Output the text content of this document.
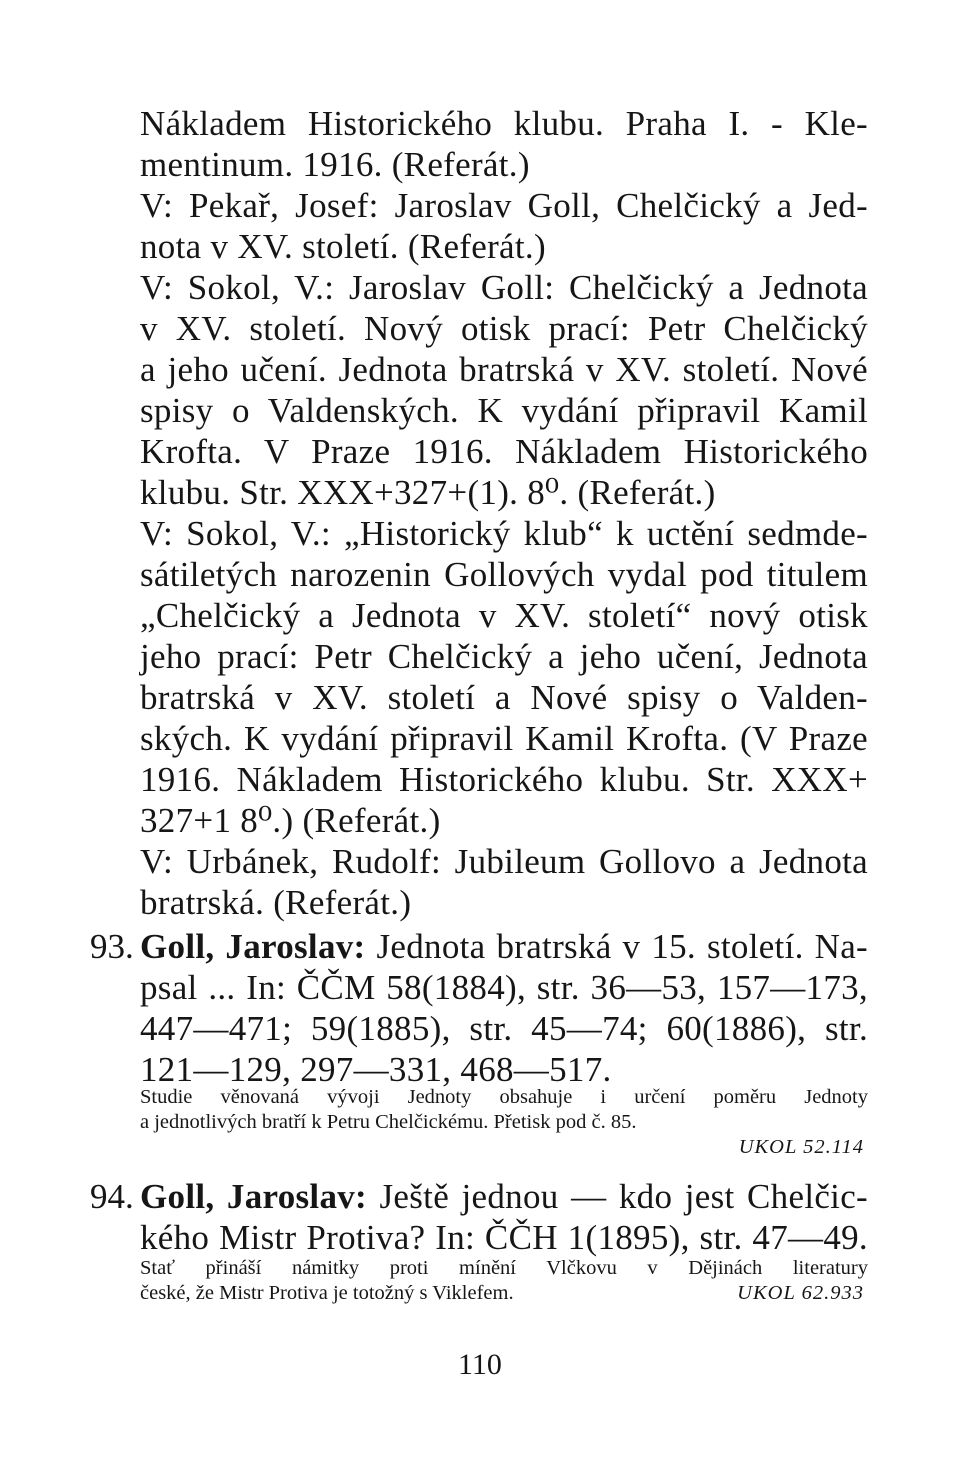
Nákladem Historického klubu. Praha I. - Kle-
mentinum. 1916. (Referát.)
V: Pekař, Josef: Jaroslav Goll, Chelčický a Jed-
nota v XV. století. (Referát.)
V: Sokol, V.: Jaroslav Goll: Chelčický a Jednota
v XV. století. Nový otisk prací: Petr Chelčický
a jeho učení. Jednota bratrská v XV. století. Nové
spisy o Valdenských. K vydání připravil Kamil
Krofta. V Praze 1916. Nákladem Historického
klubu. Str. XXX+327+(1). 8⁰. (Referát.)
V: Sokol, V.: „Historický klub“ k uctění sedmde-
sátiletých narozenin Gollových vydal pod titulem
„Chelčický a Jednota v XV. století“ nový otisk
jeho prací: Petr Chelčický a jeho učení, Jednota
bratrská v XV. století a Nové spisy o Valden-
ských. K vydání připravil Kamil Krofta. (V Praze
1916. Nákladem Historického klubu. Str. XXX+
327+1 8⁰.) (Referát.)
V: Urbánek, Rudolf: Jubileum Gollovo a Jednota
bratrská. (Referát.)
93. Goll, Jaroslav: Jednota bratrská v 15. století. Na-
psal ... In: ČČM 58(1884), str. 36—53, 157—173,
447—471; 59(1885), str. 45—74; 60(1886), str.
121—129, 297—331, 468—517.
Studie věnovaná vývoji Jednoty obsahuje i určení poměru Jednoty
a jednotlivých bratří k Petru Chelčickému. Přetisk pod č. 85.
UKOL 52.114
94. Goll, Jaroslav: Ještě jednou — kdo jest Chelčic-
kého Mistr Protiva? In: ČČH 1(1895), str. 47—49.
Stať přináší námitky proti mínění Vlčkovu v Dějinách literatury
české, že Mistr Protiva je totožný s Viklefem.	UKOL 62.933
110
